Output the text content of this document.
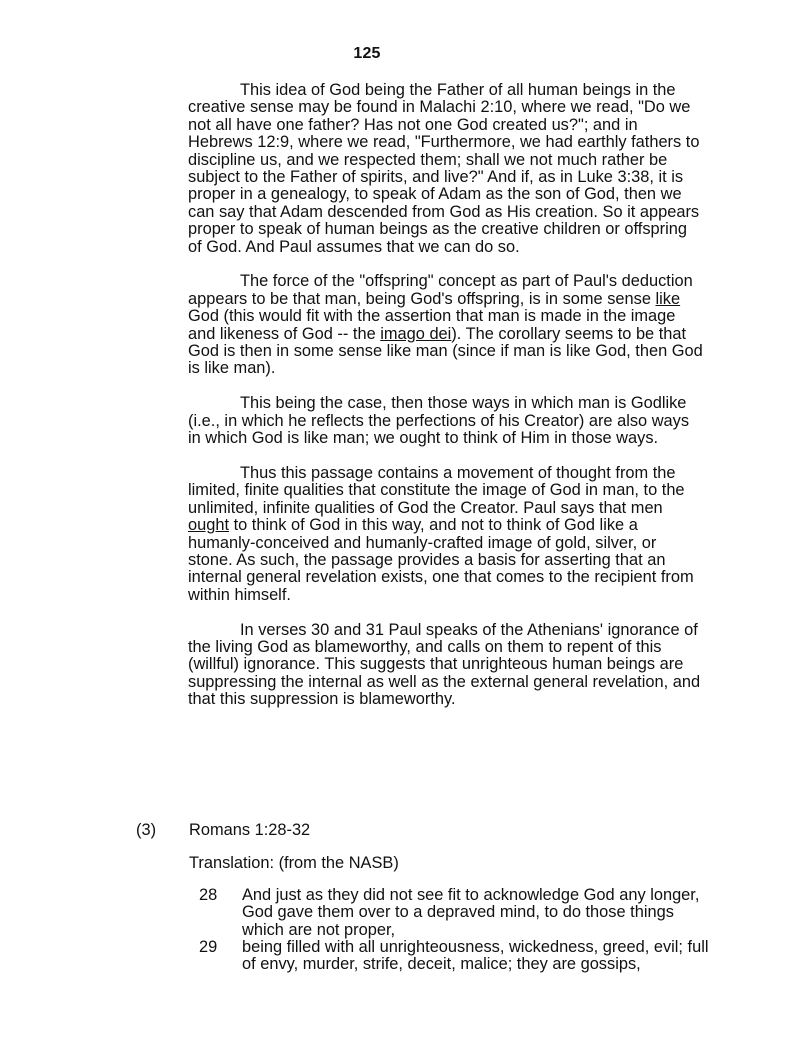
125

This idea of God being the Father of all human beings in the creative sense may be found in Malachi 2:10, where we read, "Do we not all have one father? Has not one God created us?"; and in Hebrews 12:9, where we read, "Furthermore, we had earthly fathers to discipline us, and we respected them; shall we not much rather be subject to the Father of spirits, and live?" And if, as in Luke 3:38, it is proper in a genealogy, to speak of Adam as the son of God, then we can say that Adam descended from God as His creation. So it appears proper to speak of human beings as the creative children or offspring of God. And Paul assumes that we can do so.

The force of the "offspring" concept as part of Paul's deduction appears to be that man, being God's offspring, is in some sense like God (this would fit with the assertion that man is made in the image and likeness of God -- the imago dei). The corollary seems to be that God is then in some sense like man (since if man is like God, then God is like man).

This being the case, then those ways in which man is Godlike (i.e., in which he reflects the perfections of his Creator) are also ways in which God is like man; we ought to think of Him in those ways.

Thus this passage contains a movement of thought from the limited, finite qualities that constitute the image of God in man, to the unlimited, infinite qualities of God the Creator. Paul says that men ought to think of God in this way, and not to think of God like a humanly-conceived and humanly-crafted image of gold, silver, or stone. As such, the passage provides a basis for asserting that an internal general revelation exists, one that comes to the recipient from within himself.

In verses 30 and 31 Paul speaks of the Athenians' ignorance of the living God as blameworthy, and calls on them to repent of this (willful) ignorance. This suggests that unrighteous human beings are suppressing the internal as well as the external general revelation, and that this suppression is blameworthy.

(3)	Romans 1:28-32
Translation: (from the NASB)
28	And just as they did not see fit to acknowledge God any longer, God gave them over to a depraved mind, to do those things which are not proper,
29	being filled with all unrighteousness, wickedness, greed, evil; full of envy, murder, strife, deceit, malice; they are gossips,
